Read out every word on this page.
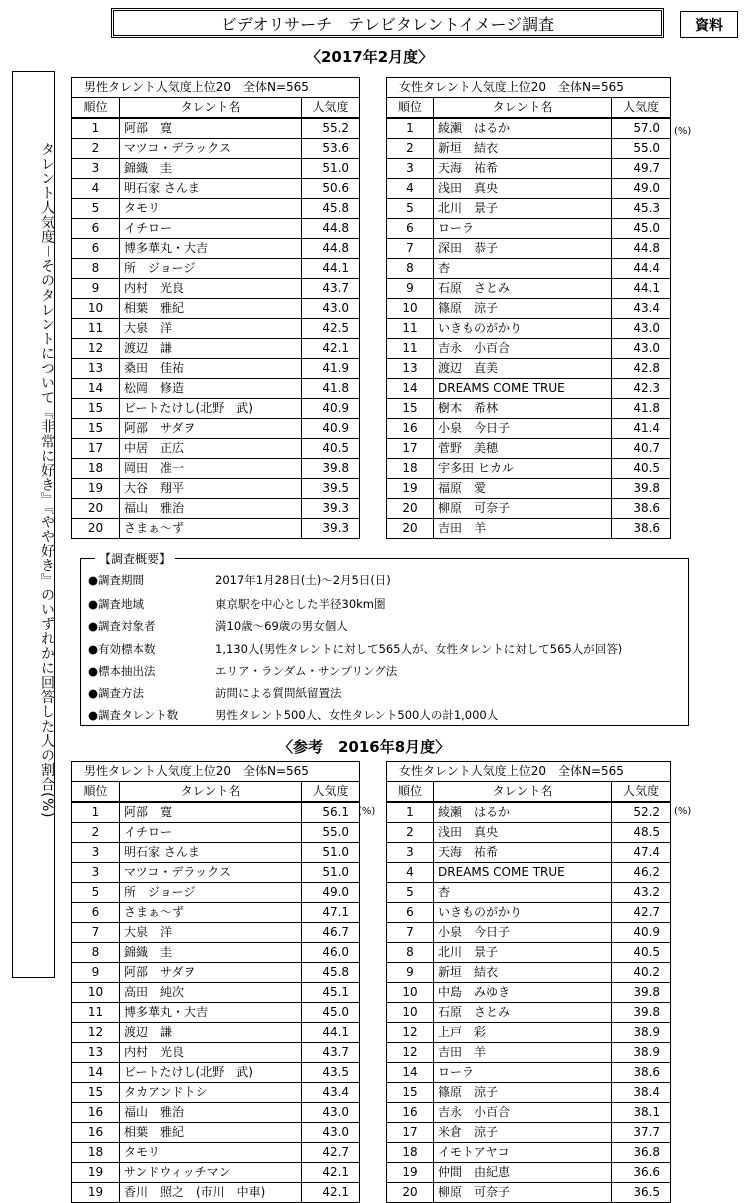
ビデオリサーチ　テレビタレントイメージ調査	資料
〈2017年2月度〉
タレント人気度－そのタレントについて『非常に好き』『やや好き』のいずれかに回答した人の割合(%)
男性タレント人気度上位20　全体N=565		
順位	タレント名	人気度
1	阿部　寛	55.2
2	マツコ・デラックス	53.6
3	錦織　圭	51.0
4	明石家 さんま	50.6
5	タモリ	45.8
6	イチロー	44.8
6	博多華丸・大吉	44.8
8	所　ジョージ	44.1
9	内村　光良	43.7
10	相葉　雅紀	43.0
11	大泉　洋	42.5
12	渡辺　謙	42.1
13	桑田　佳祐	41.9
14	松岡　修造	41.8
15	ビートたけし(北野　武)	40.9
15	阿部　サダヲ	40.9
17	中居　正広	40.5
18	岡田　准一	39.8
19	大谷　翔平	39.5
20	福山　雅治	39.3
20	さまぁ～ず	39.3
女性タレント人気度上位20　全体N=565		
順位	タレント名	人気度
1	綾瀬　はるか	57.0
2	新垣　結衣	55.0
3	天海　祐希	49.7
4	浅田　真央	49.0
5	北川　景子	45.3
6	ローラ	45.0
7	深田　恭子	44.8
8	杏	44.4
9	石原　さとみ	44.1
10	篠原　涼子	43.4
11	いきものがかり	43.0
11	吉永　小百合	43.0
13	渡辺　直美	42.8
14	DREAMS COME TRUE	42.3
15	樹木　希林	41.8
16	小泉　今日子	41.4
17	菅野　美穂	40.7
18	宇多田 ヒカル	40.5
19	福原　愛	39.8
20	柳原　可奈子	38.6
20	吉田　羊	38.6
(%)
【調査概要】
●調査期間	2017年1月28日(土)～2月5日(日)
●調査地域	東京駅を中心とした半径30km圏
●調査対象者	満10歳～69歳の男女個人
●有効標本数	1,130人(男性タレントに対して565人が、女性タレントに対して565人が回答)
●標本抽出法	エリア・ランダム・サンプリング法
●調査方法	訪問による質問紙留置法
●調査タレント数	男性タレント500人、女性タレント500人の計1,000人
〈参考　2016年8月度〉
男性タレント人気度上位20　全体N=565		
順位	タレント名	人気度
1	阿部　寛	56.1
2	イチロー	55.0
3	明石家 さんま	51.0
3	マツコ・デラックス	51.0
5	所　ジョージ	49.0
6	さまぁ～ず	47.1
7	大泉　洋	46.7
8	錦織　圭	46.0
9	阿部　サダヲ	45.8
10	高田　純次	45.1
11	博多華丸・大吉	45.0
12	渡辺　謙	44.1
13	内村　光良	43.7
14	ビートたけし(北野　武)	43.5
15	タカアンドトシ	43.4
16	福山　雅治	43.0
16	相葉　雅紀	43.0
18	タモリ	42.7
19	サンドウィッチマン	42.1
19	香川　照之　(市川　中車)	42.1
女性タレント人気度上位20　全体N=565		
順位	タレント名	人気度
1	綾瀬　はるか	52.2
2	浅田　真央	48.5
3	天海　祐希	47.4
4	DREAMS COME TRUE	46.2
5	杏	43.2
6	いきものがかり	42.7
7	小泉　今日子	40.9
8	北川　景子	40.5
9	新垣　結衣	40.2
10	中島　みゆき	39.8
10	石原　さとみ	39.8
12	上戸　彩	38.9
12	吉田　羊	38.9
14	ローラ	38.6
15	篠原　涼子	38.4
16	吉永　小百合	38.1
17	米倉　涼子	37.7
18	イモトアヤコ	36.8
19	仲間　由紀恵	36.6
20	柳原　可奈子	36.5
(%)	(%)
